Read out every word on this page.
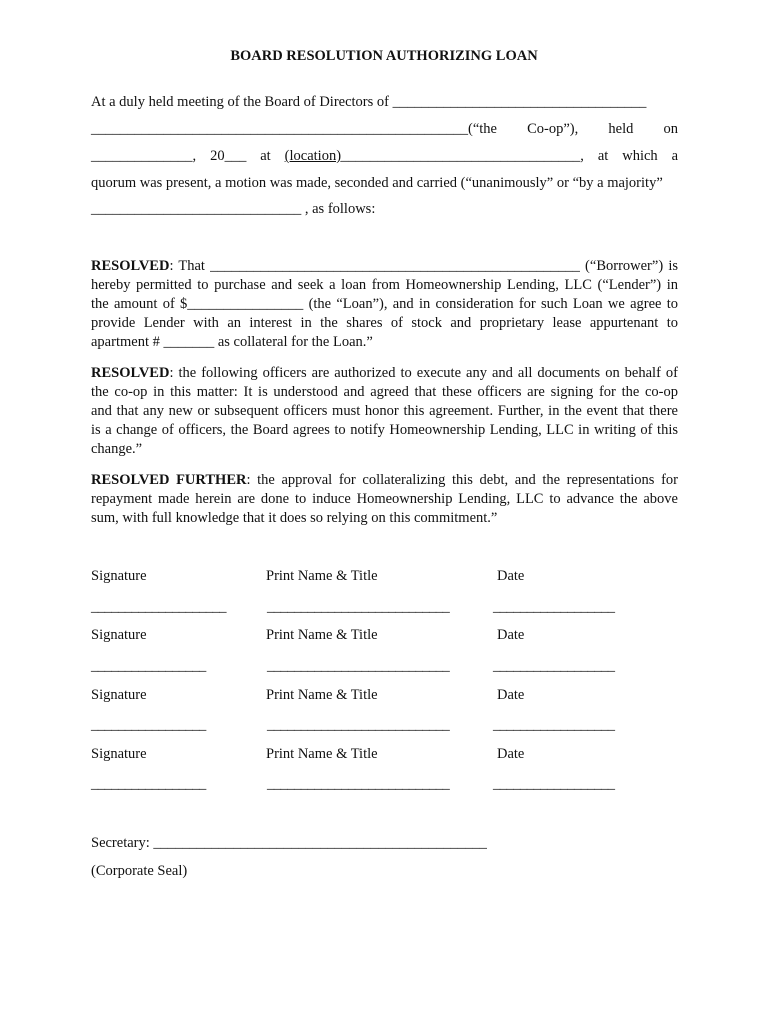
BOARD RESOLUTION AUTHORIZING LOAN
At a duly held meeting of the Board of Directors of ___________________________________
____________________________________________________(“the Co-op”), held on
______________, 20___ at (location)_________________________________, at which a
quorum was present, a motion was made, seconded and carried (“unanimously” or “by a majority”
_____________________________ , as follows:
RESOLVED: That ___________________________________________________ (“Borrower”) is
hereby permitted to purchase and seek a loan from Homeownership Lending, LLC (“Lender”) in
the amount of $________________ (the “Loan”), and in consideration for such Loan we agree to
provide Lender with an interest in the shares of stock and proprietary lease appurtenant to
apartment # _______ as collateral for the Loan.”
RESOLVED: the following officers are authorized to execute any and all documents on behalf of
the co-op in this matter: It is understood and agreed that these officers are signing for the co-op
and that any new or subsequent officers must honor this agreement. Further, in the event that there
is a change of officers, the Board agrees to notify Homeownership Lending, LLC in writing of this
change.”
RESOLVED FURTHER: the approval for collateralizing this debt, and the representations for
repayment made herein are done to induce Homeownership Lending, LLC to advance the above
sum, with full knowledge that it does so relying on this commitment.”
Signature	Print Name & Title	Date
____________________	___________________________	__________________
Signature	Print Name & Title	Date
_________________	___________________________	__________________
Signature	Print Name & Title	Date
_________________	___________________________	__________________
Signature	Print Name & Title	Date
_________________	___________________________	__________________
Secretary: ______________________________________________
(Corporate Seal)
